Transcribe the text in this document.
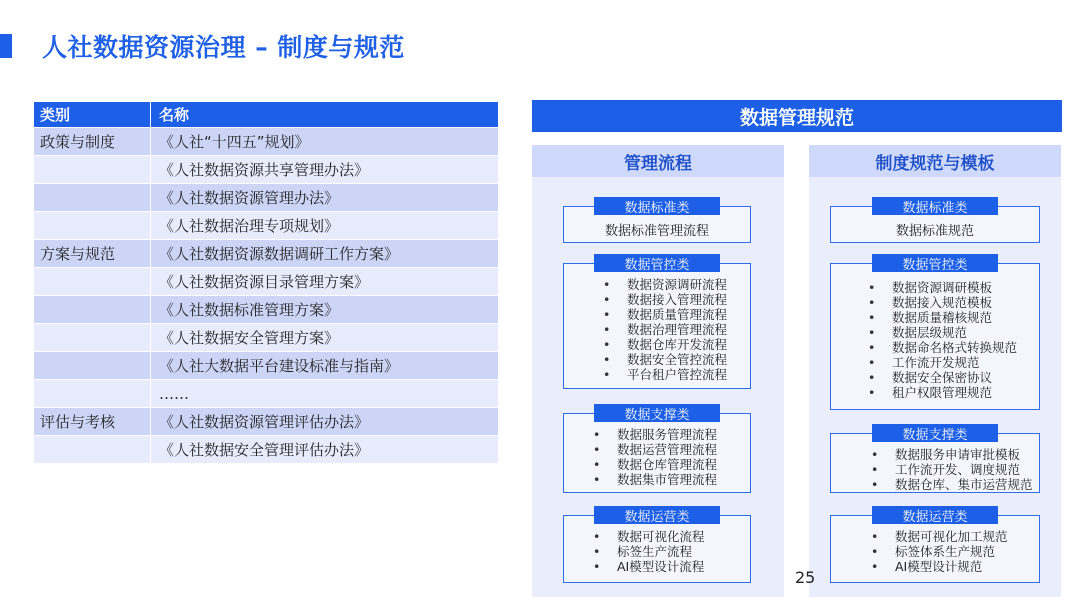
人社数据资源治理 – 制度与规范
类别	名称
政策与制度	《人社“十四五”规划》
《人社数据资源共享管理办法》
《人社数据资源管理办法》
《人社数据治理专项规划》
方案与规范	《人社数据资源数据调研工作方案》
《人社数据资源目录管理方案》
《人社数据标准管理方案》
《人社数据安全管理方案》
《人社大数据平台建设标准与指南》
……
评估与考核	《人社数据资源管理评估办法》
《人社数据安全管理评估办法》
数据管理规范
管理流程
数据标准类
数据标准管理流程
数据管控类
• 数据资源调研流程
• 数据接入管理流程
• 数据质量管理流程
• 数据治理管理流程
• 数据仓库开发流程
• 数据安全管控流程
• 平台租户管控流程
数据支撑类
• 数据服务管理流程
• 数据运营管理流程
• 数据仓库管理流程
• 数据集市管理流程
数据运营类
• 数据可视化流程
• 标签生产流程
• AI模型设计流程
制度规范与模板
数据标准类
数据标准规范
数据管控类
• 数据资源调研模板
• 数据接入规范模板
• 数据质量稽核规范
• 数据层级规范
• 数据命名格式转换规范
• 工作流开发规范
• 数据安全保密协议
• 租户权限管理规范
数据支撑类
• 数据服务申请审批模板
• 工作流开发、调度规范
• 数据仓库、集市运营规范
数据运营类
• 数据可视化加工规范
• 标签体系生产规范
• AI模型设计规范
25
